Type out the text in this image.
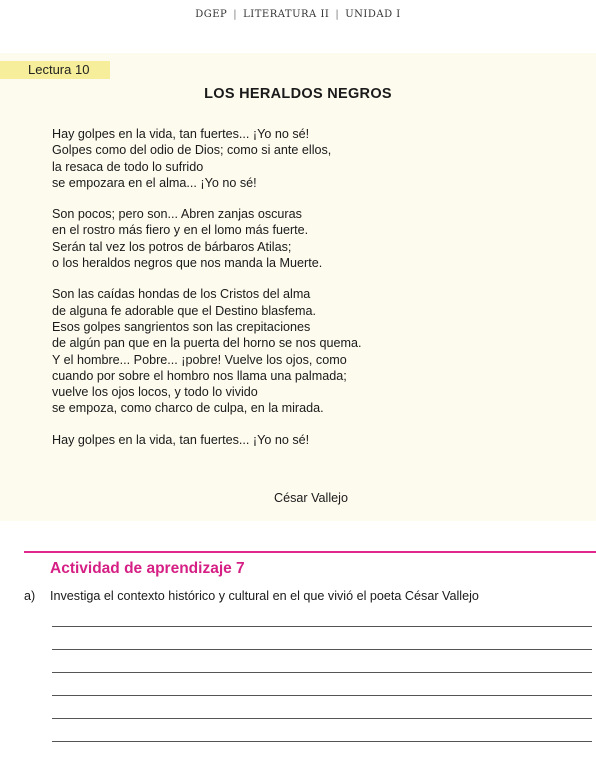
DGEP | LITERATURA II | UNIDAD I
Lectura 10
LOS HERALDOS NEGROS
Hay golpes en la vida, tan fuertes... ¡Yo no sé!
Golpes como del odio de Dios; como si ante ellos,
la resaca de todo lo sufrido
se empozara en el alma... ¡Yo no sé!
Son pocos; pero son... Abren zanjas oscuras
en el rostro más fiero y en el lomo más fuerte.
Serán tal vez los potros de bárbaros Atilas;
o los heraldos negros que nos manda la Muerte.
Son las caídas hondas de los Cristos del alma
de alguna fe adorable que el Destino blasfema.
Esos golpes sangrientos son las crepitaciones
de algún pan que en la puerta del horno se nos quema.
Y el hombre... Pobre... ¡pobre! Vuelve los ojos, como
cuando por sobre el hombro nos llama una palmada;
vuelve los ojos locos, y todo lo vivido
se empoza, como charco de culpa, en la mirada.
Hay golpes en la vida, tan fuertes... ¡Yo no sé!
César Vallejo
Actividad de aprendizaje 7
a) Investiga el contexto histórico y cultural en el que vivió el poeta César Vallejo
